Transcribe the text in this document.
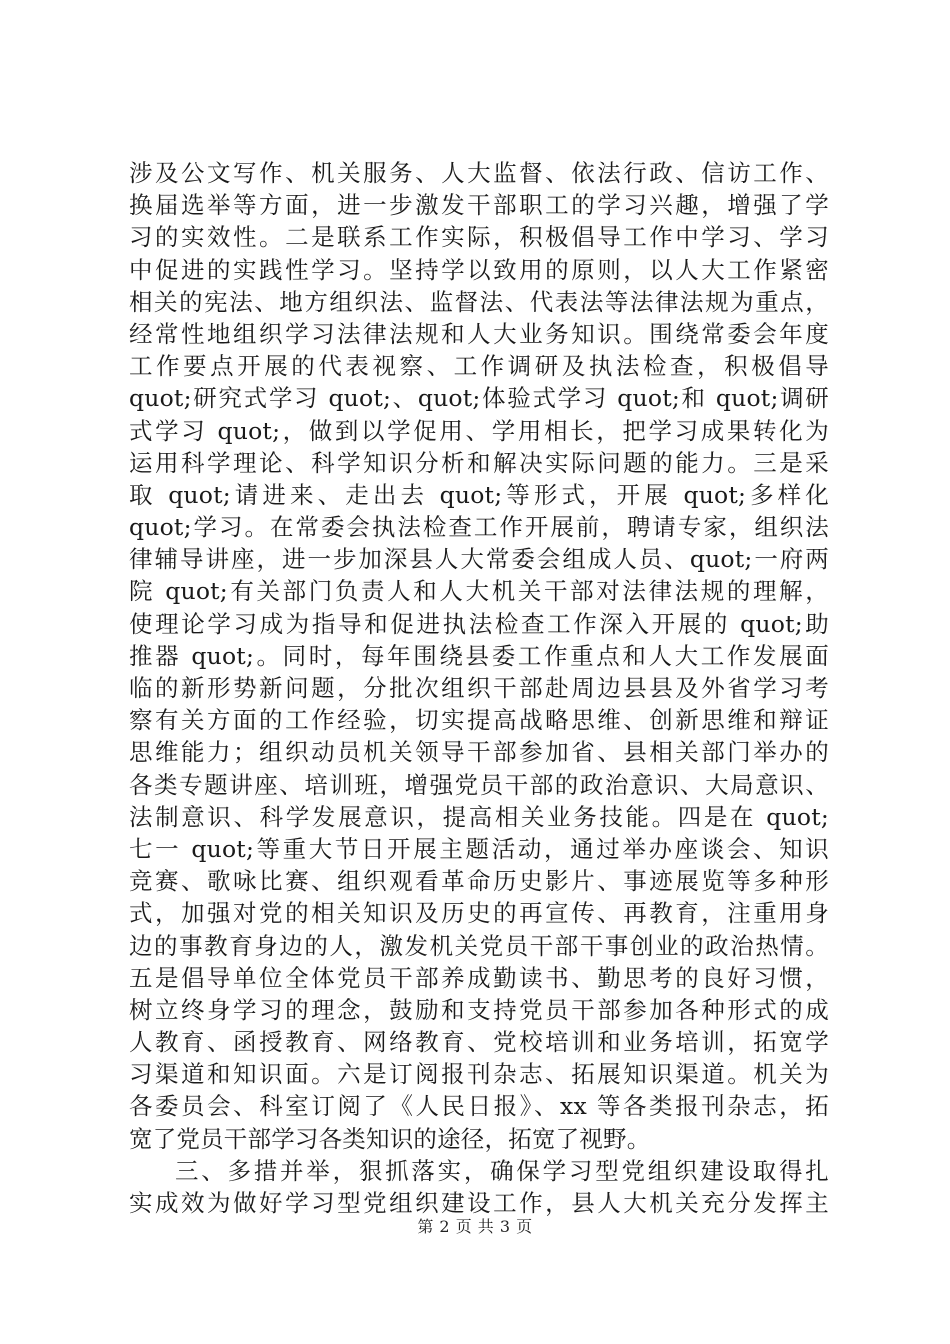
涉及公文写作、机关服务、人大监督、依法行政、信访工作、
换届选举等方面，进一步激发干部职工的学习兴趣，增强了学
习的实效性。二是联系工作实际，积极倡导工作中学习、学习
中促进的实践性学习。坚持学以致用的原则，以人大工作紧密
相关的宪法、地方组织法、监督法、代表法等法律法规为重点，
经常性地组织学习法律法规和人大业务知识。围绕常委会年度
工作要点开展的代表视察、工作调研及执法检查，积极倡导
quot;研究式学习 quot;、quot;体验式学习 quot;和 quot;调研
式学习 quot;，做到以学促用、学用相长，把学习成果转化为
运用科学理论、科学知识分析和解决实际问题的能力。三是采
取 quot;请进来、走出去 quot;等形式，开展 quot;多样化
quot;学习。在常委会执法检查工作开展前，聘请专家，组织法
律辅导讲座，进一步加深县人大常委会组成人员、quot;一府两
院 quot;有关部门负责人和人大机关干部对法律法规的理解，
使理论学习成为指导和促进执法检查工作深入开展的 quot;助
推器 quot;。同时，每年围绕县委工作重点和人大工作发展面
临的新形势新问题，分批次组织干部赴周边县县及外省学习考
察有关方面的工作经验，切实提高战略思维、创新思维和辩证
思维能力；组织动员机关领导干部参加省、县相关部门举办的
各类专题讲座、培训班，增强党员干部的政治意识、大局意识、
法制意识、科学发展意识，提高相关业务技能。四是在 quot;
七一 quot;等重大节日开展主题活动，通过举办座谈会、知识
竞赛、歌咏比赛、组织观看革命历史影片、事迹展览等多种形
式，加强对党的相关知识及历史的再宣传、再教育，注重用身
边的事教育身边的人，激发机关党员干部干事创业的政治热情。
五是倡导单位全体党员干部养成勤读书、勤思考的良好习惯，
树立终身学习的理念，鼓励和支持党员干部参加各种形式的成
人教育、函授教育、网络教育、党校培训和业务培训，拓宽学
习渠道和知识面。六是订阅报刊杂志、拓展知识渠道。机关为
各委员会、科室订阅了《人民日报》、xx 等各类报刊杂志，拓
宽了党员干部学习各类知识的途径，拓宽了视野。
三、多措并举，狠抓落实，确保学习型党组织建设取得扎
实成效为做好学习型党组织建设工作，县人大机关充分发挥主
第 2 页 共 3 页
